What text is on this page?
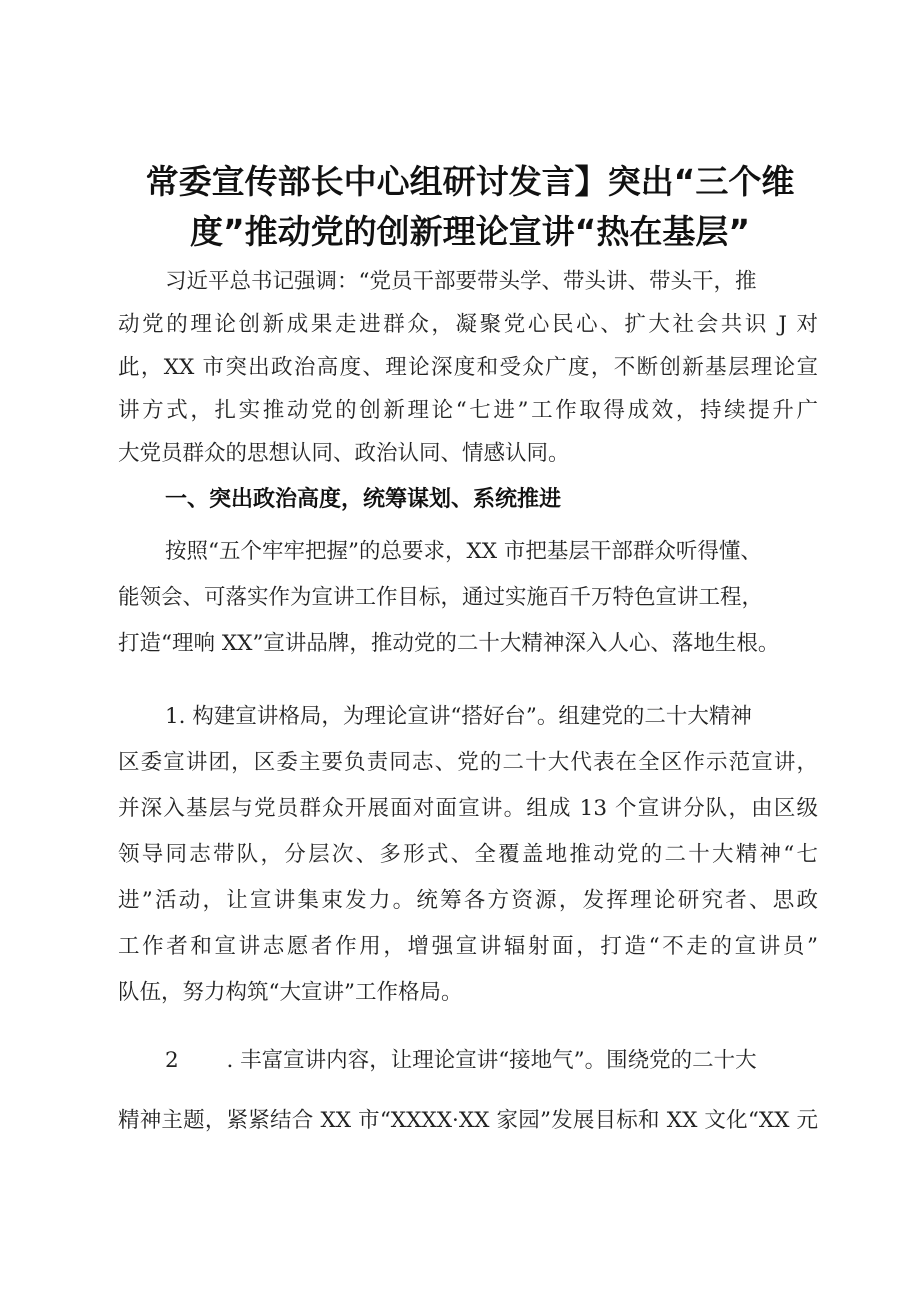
常委宣传部长中心组研讨发言】突出“三个维
度”推动党的创新理论宣讲“热在基层”
习近平总书记强调：“党员干部要带头学、带头讲、带头干，推
动党的理论创新成果走进群众，凝聚党心民心、扩大社会共识 J 对
此，XX 市突出政治高度、理论深度和受众广度，不断创新基层理论宣
讲方式，扎实推动党的创新理论“七进”工作取得成效，持续提升广
大党员群众的思想认同、政治认同、情感认同。
一、突出政治高度，统筹谋划、系统推进
按照“五个牢牢把握”的总要求，XX 市把基层干部群众听得懂、
能领会、可落实作为宣讲工作目标，通过实施百千万特色宣讲工程，
打造“理响 XX”宣讲品牌，推动党的二十大精神深入人心、落地生根。
1. 构建宣讲格局，为理论宣讲“搭好台”。组建党的二十大精神
区委宣讲团，区委主要负责同志、党的二十大代表在全区作示范宣讲，
并深入基层与党员群众开展面对面宣讲。组成 13 个宣讲分队，由区级
领导同志带队，分层次、多形式、全覆盖地推动党的二十大精神“七
进”活动，让宣讲集束发力。统筹各方资源，发挥理论研究者、思政
工作者和宣讲志愿者作用，增强宣讲辐射面，打造“不走的宣讲员”
队伍，努力构筑“大宣讲”工作格局。
2       . 丰富宣讲内容，让理论宣讲“接地气”。围绕党的二十大
精神主题，紧紧结合 XX 市“XXXX·XX 家园”发展目标和 XX 文化“XX 元
